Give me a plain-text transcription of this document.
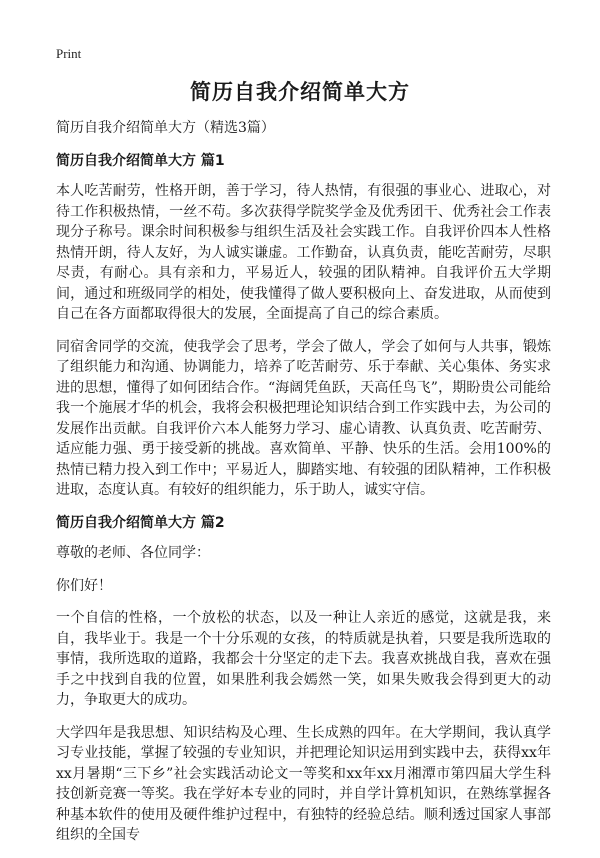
Print
简历自我介绍简单大方

简历自我介绍简单大方（精选3篇）

简历自我介绍简单大方 篇1

本人吃苦耐劳，性格开朗，善于学习，待人热情，有很强的事业心、进取心，对待工作积极热情，一丝不苟。多次获得学院奖学金及优秀团干、优秀社会工作表现分子称号。课余时间积极参与组织生活及社会实践工作。自我评价四本人性格热情开朗，待人友好，为人诚实谦虚。工作勤奋，认真负责，能吃苦耐劳，尽职尽责，有耐心。具有亲和力，平易近人，较强的团队精神。自我评价五大学期间，通过和班级同学的相处，使我懂得了做人要积极向上、奋发进取，从而使到自己在各方面都取得很大的发展，全面提高了自己的综合素质。

同宿舍同学的交流，使我学会了思考，学会了做人，学会了如何与人共事，锻炼了组织能力和沟通、协调能力，培养了吃苦耐劳、乐于奉献、关心集体、务实求进的思想，懂得了如何团结合作。“海阔凭鱼跃，天高任鸟飞”，期盼贵公司能给我一个施展才华的机会，我将会积极把理论知识结合到工作实践中去，为公司的发展作出贡献。自我评价六本人能努力学习、虚心请教、认真负责、吃苦耐劳、适应能力强、勇于接受新的挑战。喜欢简单、平静、快乐的生活。会用100%的热情已精力投入到工作中；平易近人，脚踏实地、有较强的团队精神，工作积极进取，态度认真。有较好的组织能力，乐于助人，诚实守信。

简历自我介绍简单大方 篇2

尊敬的老师、各位同学：

你们好！

一个自信的性格，一个放松的状态，以及一种让人亲近的感觉，这就是我，来自，我毕业于。我是一个十分乐观的女孩，的特质就是执着，只要是我所选取的事情，我所选取的道路，我都会十分坚定的走下去。我喜欢挑战自我，喜欢在强手之中找到自我的位置，如果胜利我会嫣然一笑，如果失败我会得到更大的动力，争取更大的成功。

大学四年是我思想、知识结构及心理、生长成熟的四年。在大学期间，我认真学习专业技能，掌握了较强的专业知识，并把理论知识运用到实践中去，获得xx年xx月暑期“三下乡”社会实践活动论文一等奖和xx年xx月湘潭市第四届大学生科技创新竞赛一等奖。我在学好本专业的同时，并自学计算机知识，在熟练掌握各种基本软件的使用及硬件维护过程中，有独特的经验总结。顺利透过国家人事部组织的全国专
